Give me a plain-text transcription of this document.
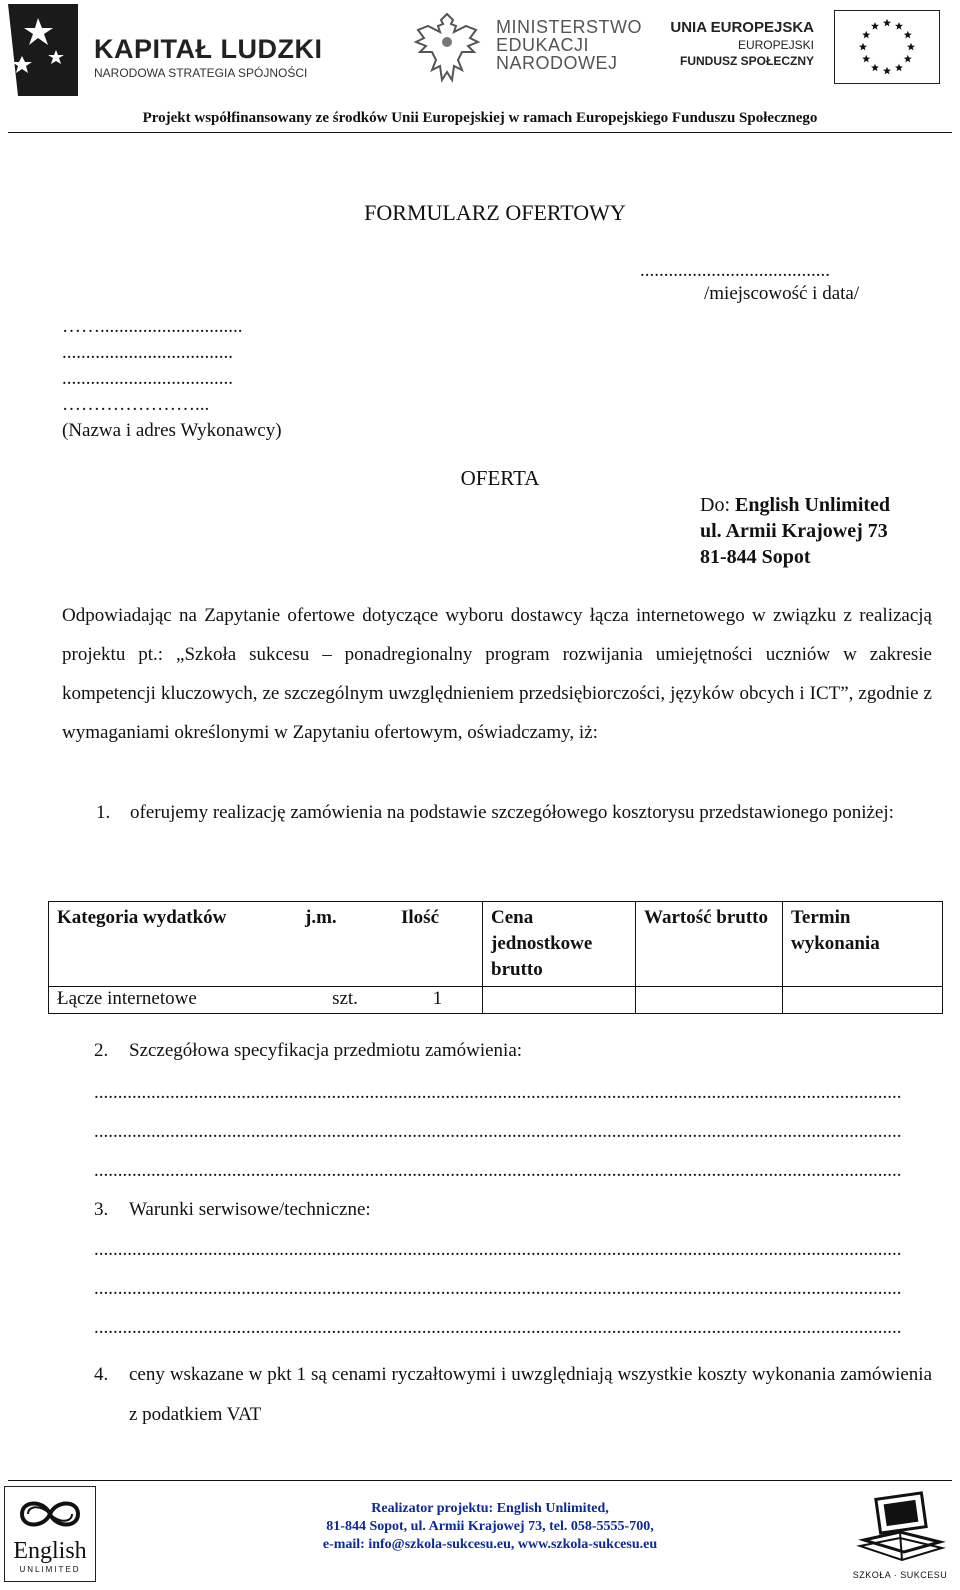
KAPITAŁ LUDZKI
NARODOWA STRATEGIA SPÓJNOŚCI
MINISTERSTWO
EDUKACJI
NARODOWEJ
UNIA EUROPEJSKA
EUROPEJSKI
FUNDUSZ SPOŁECZNY
Projekt współfinansowany ze środków Unii Europejskiej w ramach Europejskiego Funduszu Społecznego
FORMULARZ OFERTOWY
........................................
/miejscowość i data/
……..............................
....................................
....................................
…………………...
(Nazwa i adres Wykonawcy)
OFERTA
Do: English Unlimited
ul. Armii Krajowej 73
81-844 Sopot
Odpowiadając na Zapytanie ofertowe dotyczące wyboru dostawcy łącza internetowego w związku z realizacją projektu pt.: „Szkoła sukcesu – ponadregionalny program rozwijania umiejętności uczniów w zakresie kompetencji kluczowych, ze szczególnym uwzględnieniem przedsiębiorczości, języków obcych i ICT”, zgodnie z wymaganiami określonymi w Zapytaniu ofertowym, oświadczamy, iż:
1. oferujemy realizację zamówienia na podstawie szczegółowego kosztorysu przedstawionego poniżej:
Kategoria wydatków	j.m.	Ilość	Cena jednostkowe brutto	Wartość brutto	Termin wykonania
Łącze internetowe	szt.	1			
2. Szczegółowa specyfikacja przedmiotu zamówienia:
..........................................................................................................................................................................
..........................................................................................................................................................................
..........................................................................................................................................................................
3. Warunki serwisowe/techniczne:
..........................................................................................................................................................................
..........................................................................................................................................................................
..........................................................................................................................................................................
4. ceny wskazane w pkt 1 są cenami ryczałtowymi i uwzględniają wszystkie koszty wykonania zamówienia z podatkiem VAT
English
UNLIMITED
Realizator projektu: English Unlimited,
81-844 Sopot, ul. Armii Krajowej 73, tel. 058-5555-700,
e-mail: info@szkola-sukcesu.eu, www.szkola-sukcesu.eu
SZKOŁA · SUKCESU
